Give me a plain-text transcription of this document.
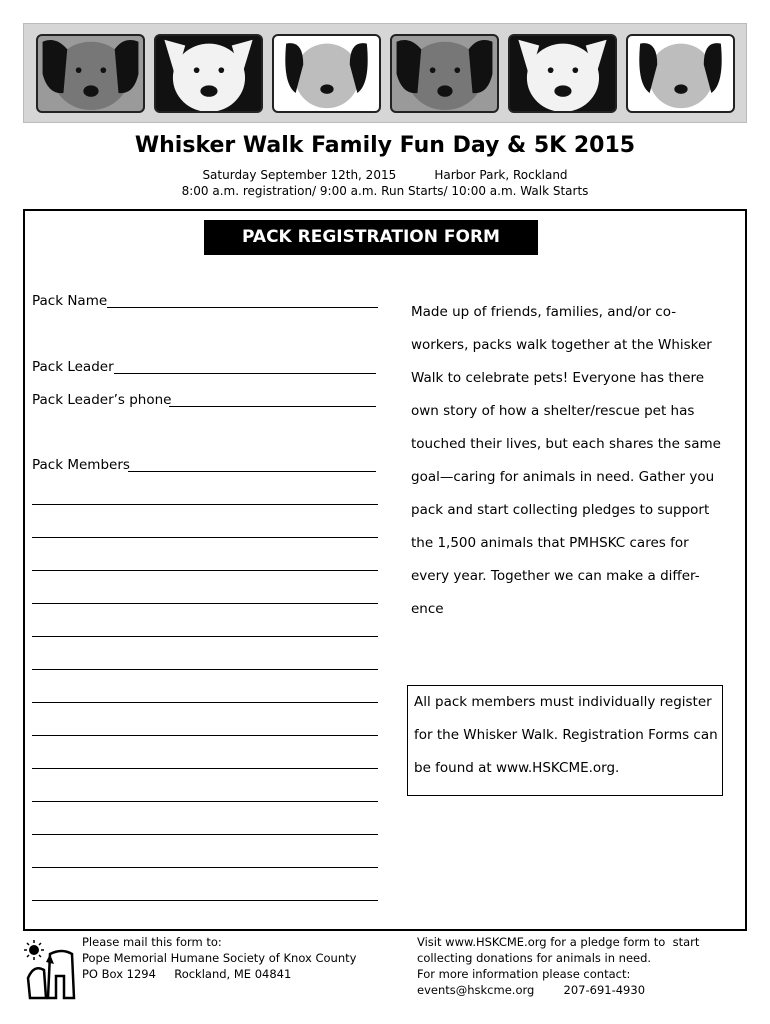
Whisker Walk Family Fun Day & 5K 2015
Saturday September 12th, 2015	Harbor Park, Rockland
8:00 a.m. registration/ 9:00 a.m. Run Starts/ 10:00 a.m. Walk Starts
PACK REGISTRATION FORM
Pack Name
Pack Leader
Pack Leader’s phone
Pack Members
Made up of friends, families, and/or co-
workers, packs walk together at the Whisker
Walk to celebrate pets! Everyone has there
own story of how a shelter/rescue pet has
touched their lives, but each shares the same
goal—caring for animals in need. Gather you
pack and start collecting pledges to support
the 1,500 animals that PMHSKC cares for
every year. Together we can make a differ-
ence
All pack members must individually register
for the Whisker Walk. Registration Forms can
be found at www.HSKCME.org.
Please mail this form to:
Pope Memorial Humane Society of Knox County
PO Box 1294     Rockland, ME 04841
Visit www.HSKCME.org for a pledge form to  start
collecting donations for animals in need.
For more information please contact:
events@hskcme.org        207-691-4930
